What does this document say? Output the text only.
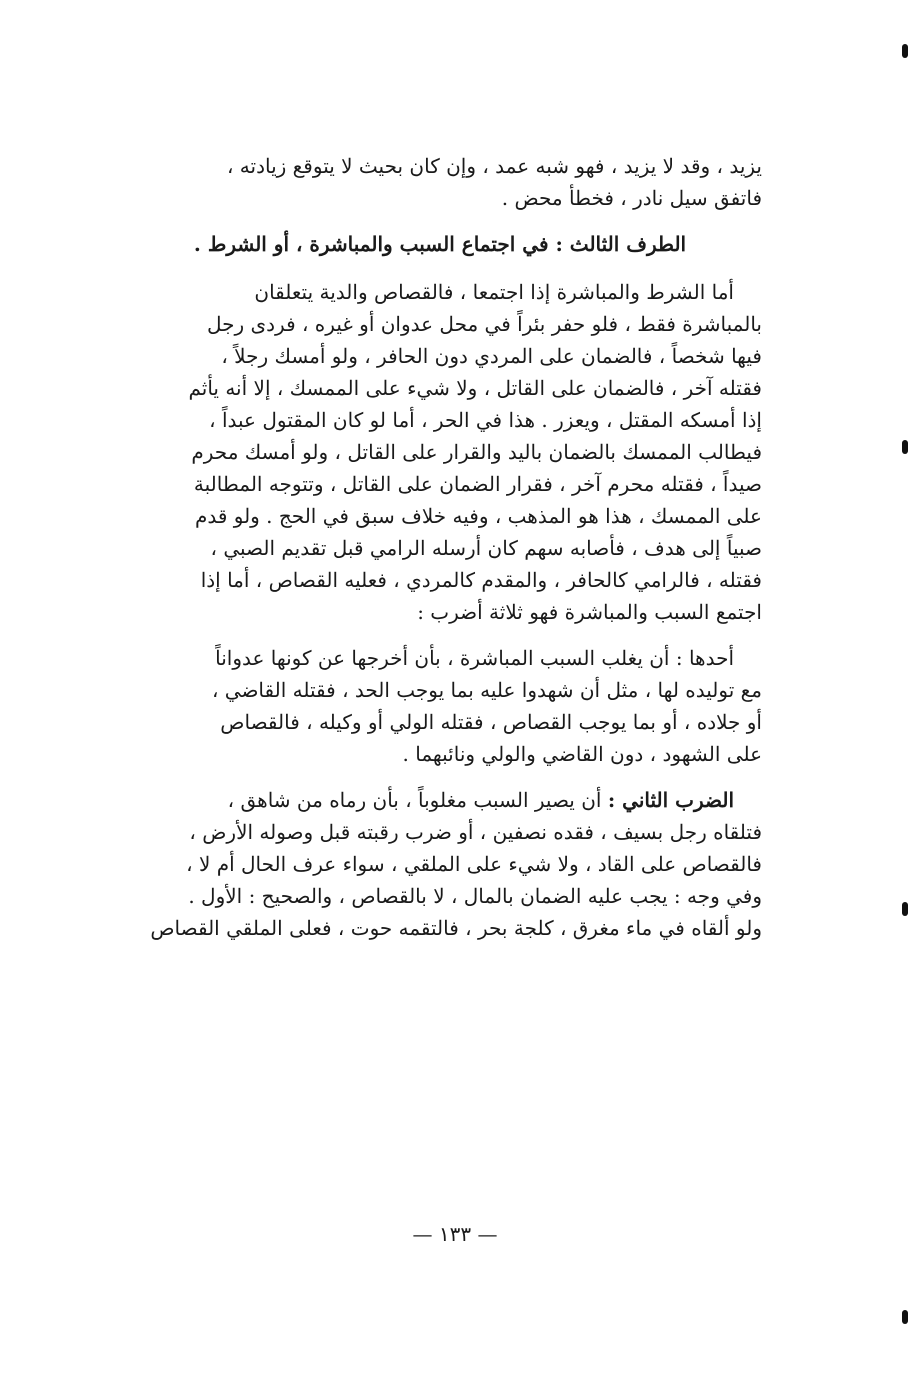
يزيد ، وقد لا يزيد ، فهو شبه عمد ، وإن كان بحيث لا يتوقع زيادته ،
فاتفق سيل نادر ، فخطأ محض .
الطرف الثالث : في اجتماع السبب والمباشرة ، أو الشرط .
أما الشرط والمباشرة إذا اجتمعا ، فالقصاص والدية يتعلقان
بالمباشرة فقط ، فلو حفر بئراً في محل عدوان أو غيره ، فردى رجل
فيها شخصاً ، فالضمان على المردي دون الحافر ، ولو أمسك رجلاً ،
فقتله آخر ، فالضمان على القاتل ، ولا شيء على الممسك ، إلا أنه يأثم
إذا أمسكه المقتل ، ويعزر . هذا في الحر ، أما لو كان المقتول عبداً ،
فيطالب الممسك بالضمان باليد والقرار على القاتل ، ولو أمسك محرم
صيداً ، فقتله محرم آخر ، فقرار الضمان على القاتل ، وتتوجه المطالبة
على الممسك ، هذا هو المذهب ، وفيه خلاف سبق في الحج . ولو قدم
صبياً إلى هدف ، فأصابه سهم كان أرسله الرامي قبل تقديم الصبي ،
فقتله ، فالرامي كالحافر ، والمقدم كالمردي ، فعليه القصاص ، أما إذا
اجتمع السبب والمباشرة فهو ثلاثة أضرب :
أحدها : أن يغلب السبب المباشرة ، بأن أخرجها عن كونها عدواناً
مع توليده لها ، مثل أن شهدوا عليه بما يوجب الحد ، فقتله القاضي ،
أو جلاده ، أو بما يوجب القصاص ، فقتله الولي أو وكيله ، فالقصاص
على الشهود ، دون القاضي والولي ونائبهما .
الضرب الثاني : أن يصير السبب مغلوباً ، بأن رماه من شاهق ،
فتلقاه رجل بسيف ، فقده نصفين ، أو ضرب رقبته قبل وصوله الأرض ،
فالقصاص على القاد ، ولا شيء على الملقي ، سواء عرف الحال أم لا ،
وفي وجه : يجب عليه الضمان بالمال ، لا بالقصاص ، والصحيح : الأول .
ولو ألقاه في ماء مغرق ، كلجة بحر ، فالتقمه حوت ، فعلى الملقي القصاص
— ١٣٣ —
